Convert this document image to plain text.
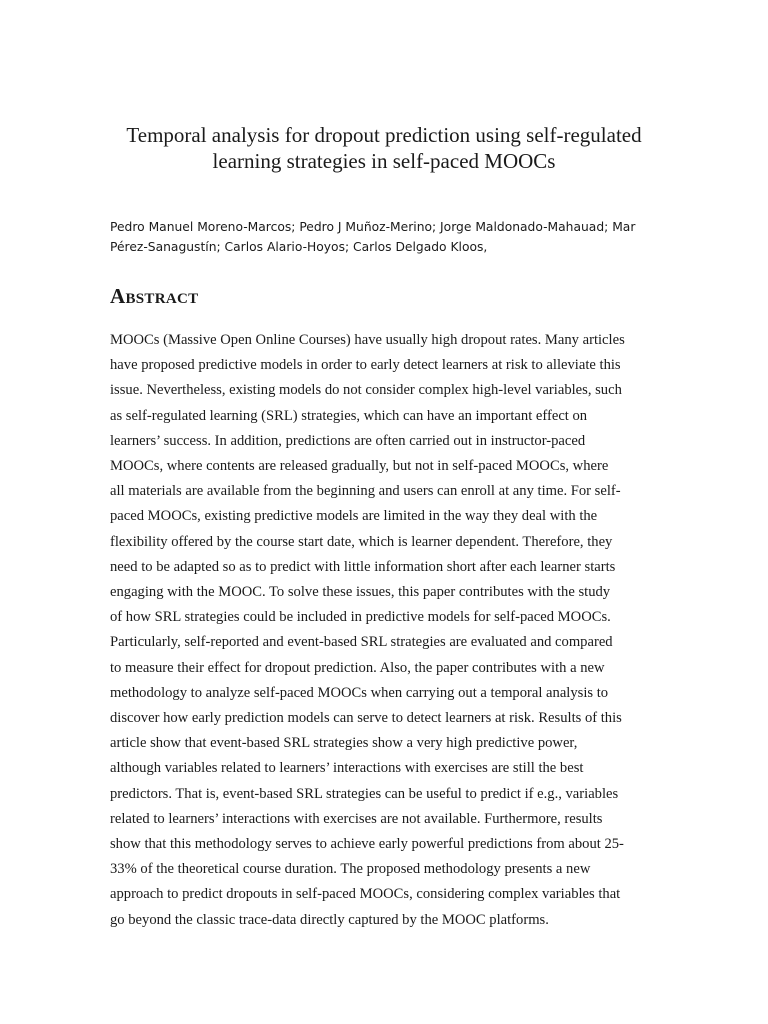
Temporal analysis for dropout prediction using self-regulated
learning strategies in self-paced MOOCs
Pedro Manuel Moreno-Marcos; Pedro J Muñoz-Merino; Jorge Maldonado-Mahauad; Mar
Pérez-Sanagustín; Carlos Alario-Hoyos; Carlos Delgado Kloos,
Abstract
MOOCs (Massive Open Online Courses) have usually high dropout rates. Many articles
have proposed predictive models in order to early detect learners at risk to alleviate this
issue. Nevertheless, existing models do not consider complex high-level variables, such
as self-regulated learning (SRL) strategies, which can have an important effect on
learners’ success. In addition, predictions are often carried out in instructor-paced
MOOCs, where contents are released gradually, but not in self-paced MOOCs, where
all materials are available from the beginning and users can enroll at any time. For self-
paced MOOCs, existing predictive models are limited in the way they deal with the
flexibility offered by the course start date, which is learner dependent. Therefore, they
need to be adapted so as to predict with little information short after each learner starts
engaging with the MOOC. To solve these issues, this paper contributes with the study
of how SRL strategies could be included in predictive models for self-paced MOOCs.
Particularly, self-reported and event-based SRL strategies are evaluated and compared
to measure their effect for dropout prediction. Also, the paper contributes with a new
methodology to analyze self-paced MOOCs when carrying out a temporal analysis to
discover how early prediction models can serve to detect learners at risk. Results of this
article show that event-based SRL strategies show a very high predictive power,
although variables related to learners’ interactions with exercises are still the best
predictors. That is, event-based SRL strategies can be useful to predict if e.g., variables
related to learners’ interactions with exercises are not available. Furthermore, results
show that this methodology serves to achieve early powerful predictions from about 25-
33% of the theoretical course duration. The proposed methodology presents a new
approach to predict dropouts in self-paced MOOCs, considering complex variables that
go beyond the classic trace-data directly captured by the MOOC platforms.
